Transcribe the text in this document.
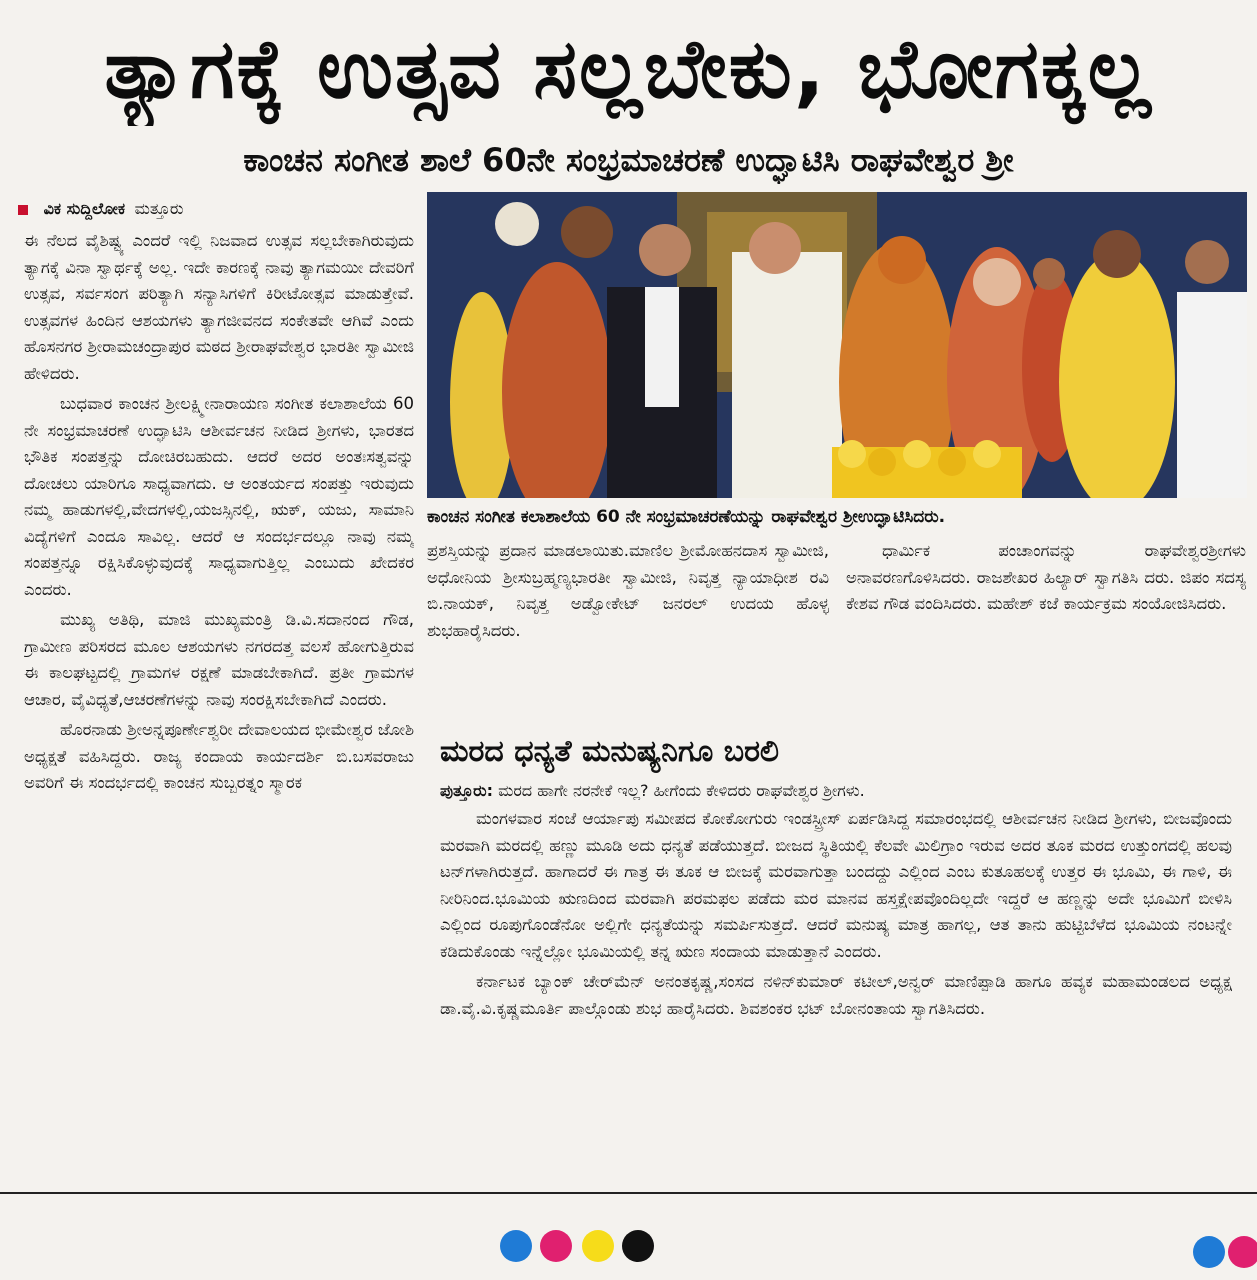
ತ್ಯಾಗಕ್ಕೆ ಉತ್ಸವ ಸಲ್ಲಬೇಕು, ಭೋಗಕ್ಕಲ್ಲ
ಕಾಂಚನ ಸಂಗೀತ ಶಾಲೆ 60ನೇ ಸಂಭ್ರಮಾಚರಣೆ ಉದ್ಘಾಟಿಸಿ ರಾಘವೇಶ್ವರ ಶ್ರೀ
ವಿಕ ಸುದ್ದಿಲೋಕ ಮತ್ತೂರು

ಈ ನೆಲದ ವೈಶಿಷ್ಟ್ಯ ಎಂದರೆ ಇಲ್ಲಿ ನಿಜವಾದ ಉತ್ಸವ ಸಲ್ಲಬೇಕಾಗಿರುವುದು ತ್ಯಾಗಕ್ಕೆ ವಿನಾ ಸ್ವಾರ್ಥಕ್ಕೆ ಅಲ್ಲ. ಇದೇ ಕಾರಣಕ್ಕೆ ನಾವು ತ್ಯಾಗಮಯೀ ದೇವರಿಗೆ ಉತ್ಸವ, ಸರ್ವಸಂಗ ಪರಿತ್ಯಾಗಿ ಸನ್ಯಾಸಿಗಳಿಗೆ ಕಿರೀಟೋತ್ಸವ ಮಾಡುತ್ತೇವೆ. ಉತ್ಸವಗಳ ಹಿಂದಿನ ಆಶಯಗಳು ತ್ಯಾಗಜೀವನದ ಸಂಕೇತವೇ ಆಗಿವೆ ಎಂದು ಹೊಸನಗರ ಶ್ರೀರಾಮಚಂದ್ರಾಪುರ ಮಠದ ಶ್ರೀರಾಘವೇಶ್ವರ ಭಾರತೀ ಸ್ವಾಮೀಜಿ ಹೇಳಿದರು.

ಬುಧವಾರ ಕಾಂಚನ ಶ್ರೀಲಕ್ಷ್ಮೀನಾರಾಯಣ ಸಂಗೀತ ಕಲಾಶಾಲೆಯ 60 ನೇ ಸಂಭ್ರಮಾಚರಣೆ ಉದ್ಘಾಟಿಸಿ ಆಶೀರ್ವಚನ ನೀಡಿದ ಶ್ರೀಗಳು, ಭಾರತದ ಭೌತಿಕ ಸಂಪತ್ತನ್ನು ದೋಚಿರಬಹುದು. ಆದರೆ ಅದರ ಅಂತಃಸತ್ವವನ್ನು ದೋಚಲು ಯಾರಿಗೂ ಸಾಧ್ಯವಾಗದು. ಆ ಅಂತರ್ಯದ ಸಂಪತ್ತು ಇರುವುದು ನಮ್ಮ ಹಾಡುಗಳಲ್ಲಿ,ವೇದಗಳಲ್ಲಿ,ಯಜಸ್ಸಿನಲ್ಲಿ, ಋಕ್, ಯಜು, ಸಾಮಾನಿ ವಿದ್ಯೆಗಳಿಗೆ ಎಂದೂ ಸಾವಿಲ್ಲ. ಆದರೆ ಆ ಸಂದರ್ಭದಲ್ಲೂ ನಾವು ನಮ್ಮ ಸಂಪತ್ತನ್ನೂ ರಕ್ಷಿಸಿಕೊಳ್ಳುವುದಕ್ಕೆ ಸಾಧ್ಯವಾಗುತ್ತಿಲ್ಲ ಎಂಬುದು ಖೇದಕರ ಎಂದರು.

ಮುಖ್ಯ ಅತಿಥಿ, ಮಾಜಿ ಮುಖ್ಯಮಂತ್ರಿ ಡಿ.ವಿ.ಸದಾನಂದ ಗೌಡ, ಗ್ರಾಮೀಣ ಪರಿಸರದ ಮೂಲ ಆಶಯಗಳು ನಗರದತ್ತ ವಲಸೆ ಹೋಗುತ್ತಿರುವ ಈ ಕಾಲಘಟ್ಟದಲ್ಲಿ ಗ್ರಾಮಗಳ ರಕ್ಷಣೆ ಮಾಡಬೇಕಾಗಿದೆ. ಪ್ರತೀ ಗ್ರಾಮಗಳ ಆಚಾರ, ವೈವಿಧ್ಯತೆ,ಆಚರಣೆಗಳನ್ನು ನಾವು ಸಂರಕ್ಷಿಸಬೇಕಾಗಿದೆ ಎಂದರು.

ಹೊರನಾಡು ಶ್ರೀಅನ್ನಪೂರ್ಣೇಶ್ವರೀ ದೇವಾಲಯದ ಭೀಮೇಶ್ವರ ಜೋಶಿ ಅಧ್ಯಕ್ಷತೆ ವಹಿಸಿದ್ದರು. ರಾಜ್ಯ ಕಂದಾಯ ಕಾರ್ಯದರ್ಶಿ ಬಿ.ಬಸವರಾಜು ಅವರಿಗೆ ಈ ಸಂದರ್ಭದಲ್ಲಿ ಕಾಂಚನ ಸುಬ್ಬರತ್ನಂ ಸ್ಮಾರಕ

ಕಾಂಚನ ಸಂಗೀತ ಕಲಾಶಾಲೆಯ 60 ನೇ ಸಂಭ್ರಮಾಚರಣೆಯನ್ನು ರಾಘವೇಶ್ವರ ಶ್ರೀಉದ್ಘಾಟಿಸಿದರು.

ಪ್ರಶಸ್ತಿಯನ್ನು ಪ್ರದಾನ ಮಾಡಲಾಯಿತು.ಮಾಣಿಲ ಶ್ರೀಮೋಹನದಾಸ ಸ್ವಾಮೀಜಿ, ಅಧೋನಿಯ ಶ್ರೀಸುಬ್ರಹ್ಮಣ್ಯಭಾರತೀ ಸ್ವಾಮೀಜಿ, ನಿವೃತ್ತ ನ್ಯಾಯಾಧೀಶ ರವಿ ಬಿ.ನಾಯಕ್, ನಿವೃತ್ತ ಅಡ್ವೋಕೇಟ್ ಜನರಲ್ ಉದಯ ಹೊಳ್ಳ ಶುಭಹಾರೈಸಿದರು.

ಧಾರ್ಮಿಕ ಪಂಚಾಂಗವನ್ನು ರಾಘವೇಶ್ವರಶ್ರೀಗಳು ಅನಾವರಣಗೊಳಿಸಿದರು. ರಾಜಶೇಖರ ಹಿಲ್ಯಾರ್ ಸ್ವಾಗತಿಸಿ ದರು. ಜಿಪಂ ಸದಸ್ಯ ಕೇಶವ ಗೌಡ ವಂದಿಸಿದರು. ಮಹೇಶ್ ಕಜೆ ಕಾರ್ಯಕ್ರಮ ಸಂಯೋಜಿಸಿದರು.

ಮರದ ಧನ್ಯತೆ ಮನುಷ್ಯನಿಗೂ ಬರಲಿ
ಪುತ್ತೂರು: ಮರದ ಹಾಗೇ ನರನೇಕೆ ಇಲ್ಲ? ಹೀಗೆಂದು ಕೇಳಿದರು ರಾಘವೇಶ್ವರ ಶ್ರೀಗಳು.

ಮಂಗಳವಾರ ಸಂಜೆ ಆರ್ಯಾಪು ಸಮೀಪದ ಕೋಕೋಗುರು ಇಂಡಸ್ಟ್ರೀಸ್ ಏರ್ಪಡಿಸಿದ್ದ ಸಮಾರಂಭದಲ್ಲಿ ಆಶೀರ್ವಚನ ನೀಡಿದ ಶ್ರೀಗಳು, ಬೀಜವೊಂದು ಮರವಾಗಿ ಮರದಲ್ಲಿ ಹಣ್ಣು ಮೂಡಿ ಅದು ಧನ್ಯತೆ ಪಡೆಯುತ್ತದೆ. ಬೀಜದ ಸ್ಥಿತಿಯಲ್ಲಿ ಕೆಲವೇ ಮಿಲಿಗ್ರಾಂ ಇರುವ ಅದರ ತೂಕ ಮರದ ಉತ್ತುಂಗದಲ್ಲಿ ಹಲವು ಟನ್‌ಗಳಾಗಿರುತ್ತದೆ. ಹಾಗಾದರೆ ಈ ಗಾತ್ರ ಈ ತೂಕ ಆ ಬೀಜಕ್ಕೆ ಮರವಾಗುತ್ತಾ ಬಂದದ್ದು ಎಲ್ಲಿಂದ ಎಂಬ ಕುತೂಹಲಕ್ಕೆ ಉತ್ತರ ಈ ಭೂಮಿ, ಈ ಗಾಳಿ, ಈ ನೀರಿನಿಂದ.ಭೂಮಿಯ ಋಣದಿಂದ ಮರವಾಗಿ ಪರಮಫಲ ಪಡೆದು ಮರ ಮಾನವ ಹಸ್ತಕ್ಷೇಪವೊಂದಿಲ್ಲದೇ ಇದ್ದರೆ ಆ ಹಣ್ಣನ್ನು ಅದೇ ಭೂಮಿಗೆ ಬೀಳಿಸಿ ಎಲ್ಲಿಂದ ರೂಪುಗೊಂಡೆನೋ ಅಲ್ಲಿಗೇ ಧನ್ಯತೆಯನ್ನು ಸಮರ್ಪಿಸುತ್ತದೆ. ಆದರೆ ಮನುಷ್ಯ ಮಾತ್ರ ಹಾಗಲ್ಲ, ಆತ ತಾನು ಹುಟ್ಟಿಬೆಳೆದ ಭೂಮಿಯ ನಂಟನ್ನೇ ಕಡಿದುಕೊಂಡು ಇನ್ನೆಲ್ಲೋ ಭೂಮಿಯಲ್ಲಿ ತನ್ನ ಋಣ ಸಂದಾಯ ಮಾಡುತ್ತಾನೆ ಎಂದರು.

ಕರ್ನಾಟಕ ಬ್ಯಾಂಕ್ ಚೇರ್‌ಮೆನ್ ಅನಂತಕೃಷ್ಣ,ಸಂಸದ ನಳಿನ್‌ಕುಮಾರ್ ಕಟೀಲ್,ಅನ್ವರ್ ಮಾಣಿಪ್ಪಾಡಿ ಹಾಗೂ ಹವ್ಯಕ ಮಹಾಮಂಡಲದ ಅಧ್ಯಕ್ಷ ಡಾ.ವೈ.ವಿ.ಕೃಷ್ಣಮೂರ್ತಿ ಪಾಲ್ಗೊಂಡು ಶುಭ ಹಾರೈಸಿದರು. ಶಿವಶಂಕರ ಭಟ್ ಬೋನಂತಾಯ ಸ್ವಾಗತಿಸಿದರು.
